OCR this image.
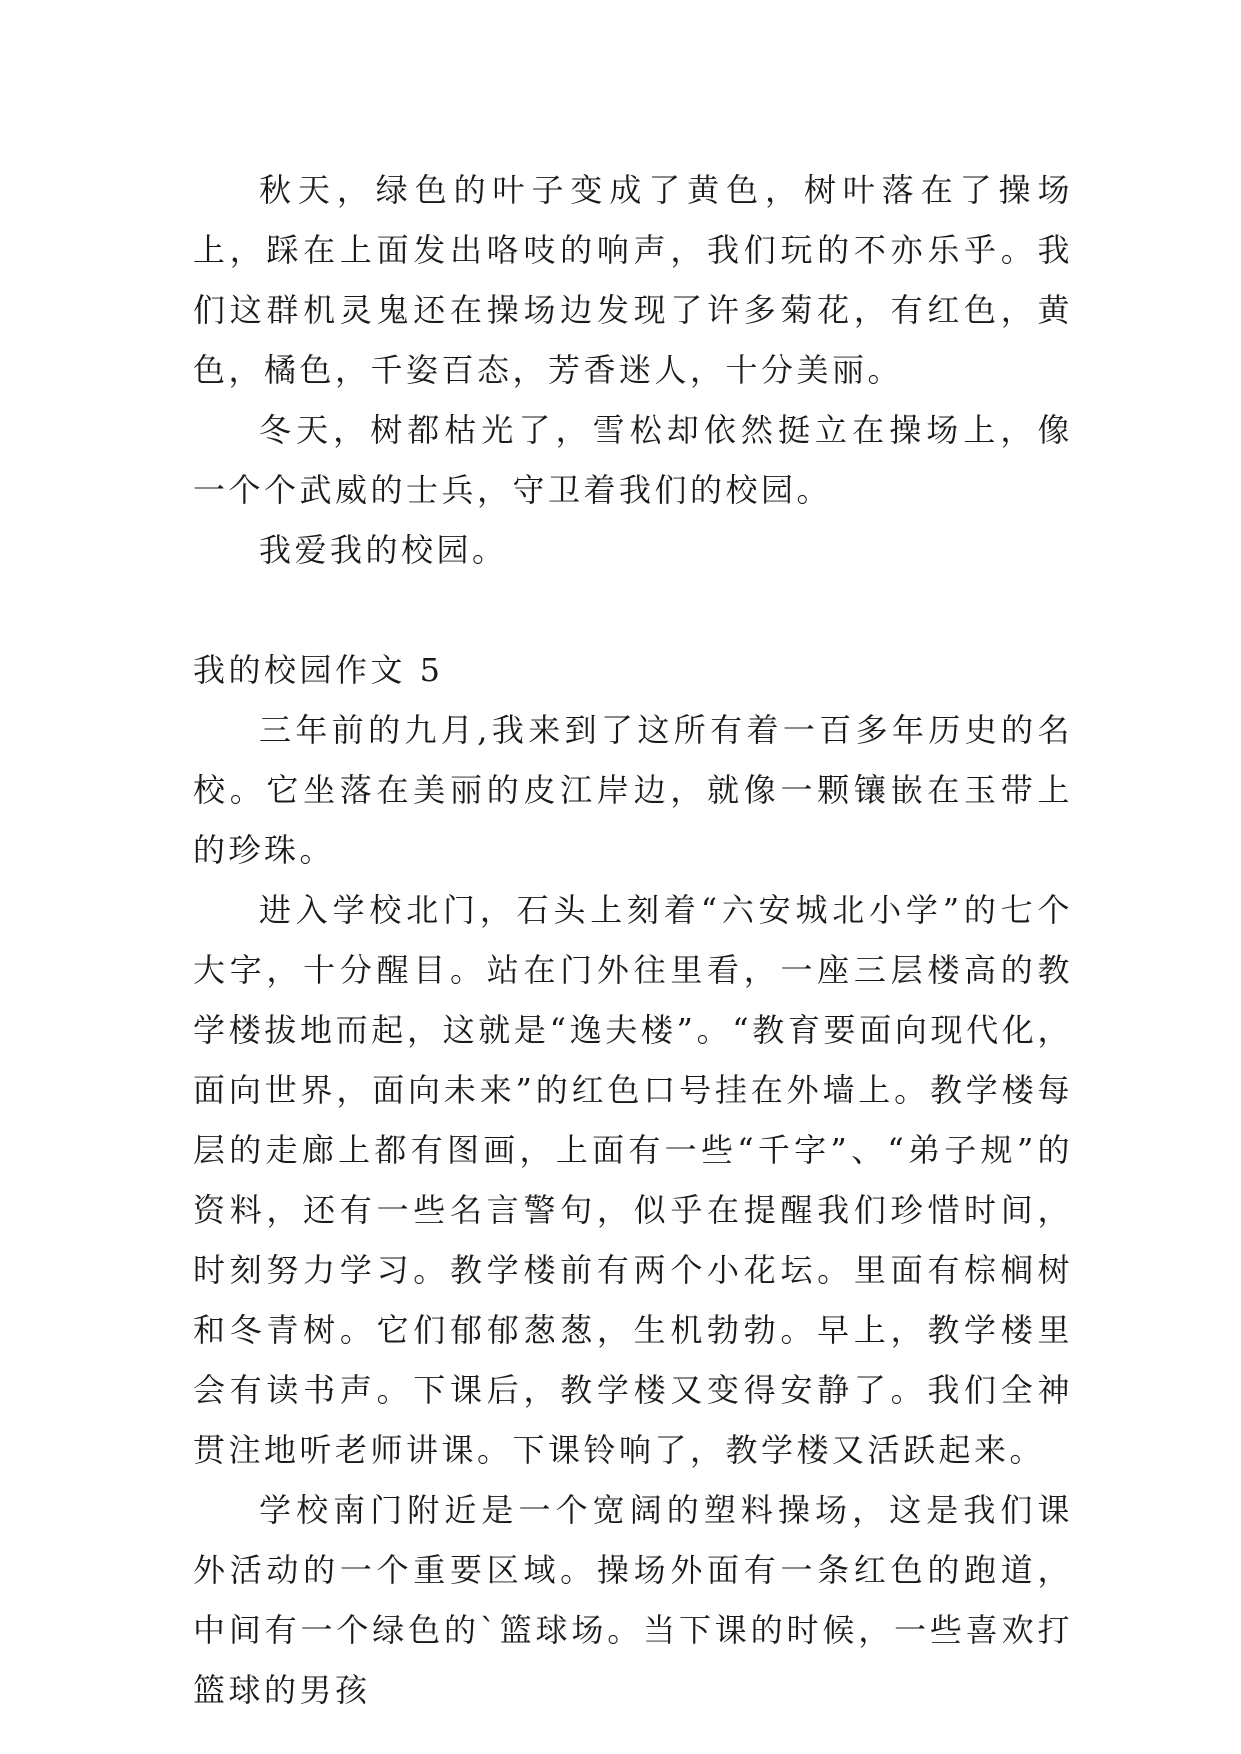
秋天，绿色的叶子变成了黄色，树叶落在了操场上，踩在上面发出咯吱的响声，我们玩的不亦乐乎。我们这群机灵鬼还在操场边发现了许多菊花，有红色，黄色，橘色，千姿百态，芳香迷人，十分美丽。

冬天，树都枯光了，雪松却依然挺立在操场上，像一个个武威的士兵，守卫着我们的校园。

我爱我的校园。

我的校园作文 5

三年前的九月,我来到了这所有着一百多年历史的名校。它坐落在美丽的皮江岸边，就像一颗镶嵌在玉带上的珍珠。

进入学校北门，石头上刻着“六安城北小学”的七个大字，十分醒目。站在门外往里看，一座三层楼高的教学楼拔地而起，这就是“逸夫楼”。“教育要面向现代化，面向世界，面向未来”的红色口号挂在外墙上。教学楼每层的走廊上都有图画，上面有一些“千字”、“弟子规”的资料，还有一些名言警句，似乎在提醒我们珍惜时间，时刻努力学习。教学楼前有两个小花坛。里面有棕榈树和冬青树。它们郁郁葱葱，生机勃勃。早上，教学楼里会有读书声。下课后，教学楼又变得安静了。我们全神贯注地听老师讲课。下课铃响了，教学楼又活跃起来。

学校南门附近是一个宽阔的塑料操场，这是我们课外活动的一个重要区域。操场外面有一条红色的跑道，中间有一个绿色的`篮球场。当下课的时候，一些喜欢打篮球的男孩
